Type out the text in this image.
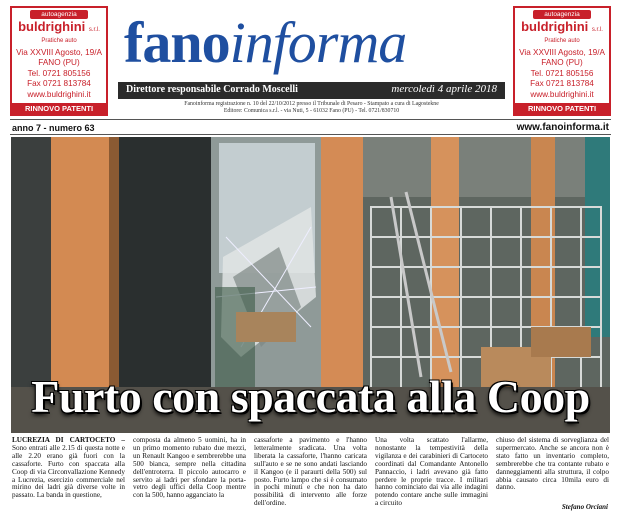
autoagenzia
buldrighini s.r.l.
Pratiche auto
Via XXVIII Agosto, 19/A
FANO (PU)
Tel. 0721 805156
Fax 0721 813784
www.buldrighini.it
RINNOVO PATENTI
autoagenzia
buldrighini s.r.l.
Pratiche auto
Via XXVIII Agosto, 19/A
FANO (PU)
Tel. 0721 805156
Fax 0721 813784
www.buldrighini.it
RINNOVO PATENTI
fanoinforma
Direttore responsabile Corrado Moscelli	mercoledì 4 aprile 2018
Fanoinforma registrazione n. 10 del 22/10/2012 presso il Tribunale di Pesaro - Stampato a cura di Lagostekne
Editore: Comunica s.r.l. - via Nuti, 5 - 61032 Fano (PU) - Tel. 0721/830710
anno 7 - numero 63	www.fanoinforma.it
Furto con spaccata alla Coop
LUCREZIA DI CARTOCETO – Sono entrati alle 2.15 di questa notte e alle 2.20 erano già fuori con la cassaforte. Furto con spaccata alla Coop di via Circonvallazione Kennedy a Lucrezia, esercizio commerciale nel mirino dei ladri già diverse volte in passato. La banda in questione,
composta da almeno 5 uomini, ha in un primo momento rubato due mezzi, un Renault Kangoo e sembrerebbe una 500 bianca, sempre nella cittadina dell'entroterra. Il piccolo autocarro e servito ai ladri per sfondare la porta-vetro degli uffici della Coop mentre con la 500, hanno agganciato la
cassaforte a pavimento e l'hanno letteralmente sradicata. Una volta liberata la cassaforte, l'hanno caricata sull'auto e se ne sono andati lasciando il Kangoo (e il paraurti della 500) sul posto. Furto lampo che si è consumato in pochi minuti e che non ha dato possibilità di intervento alle forze dell'ordine.
Una volta scattato l'allarme, nonostante la tempestività della vigilanza e dei carabinieri di Cartoceto coordinati dal Comandante Antonello Pannaccio, i ladri avevano già fatto perdere le proprie tracce. I militari hanno cominciato dai via alle indagini potendo contare anche sulle immagini a circuito
chiuso del sistema di sorveglianza del supermercato. Anche se ancora non è stato fatto un inventario completo, sembrerebbe che tra contante rubato e danneggiamenti alla struttura, il colpo abbia causato circa 10mila euro di danno.
Stefano Orciani
